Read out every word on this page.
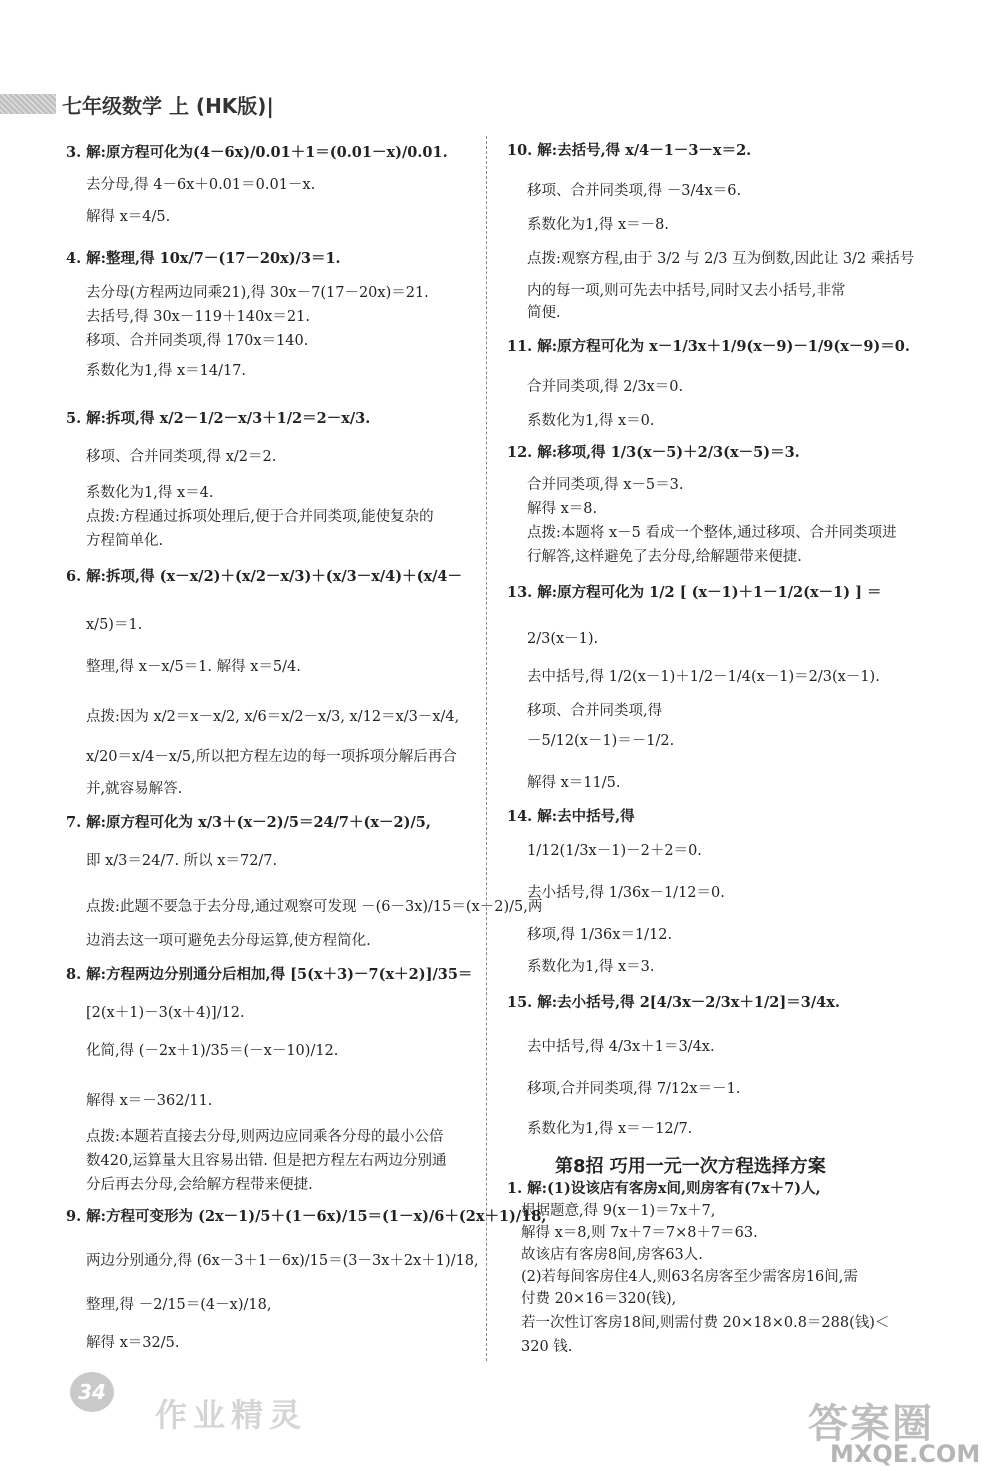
七年级数学 上 (HK版)|
3. 解:原方程可化为(4－6x)/0.01＋1＝(0.01－x)/0.01.
去分母,得 4－6x＋0.01＝0.01－x.
解得 x＝4/5.
4. 解:整理,得 10x/7－(17－20x)/3＝1.
去分母(方程两边同乘21),得 30x－7(17－20x)＝21.
去括号,得 30x－119＋140x＝21.
移项、合并同类项,得 170x＝140.
系数化为1,得 x＝14/17.
5. 解:拆项,得 x/2－1/2－x/3＋1/2＝2－x/3.
移项、合并同类项,得 x/2＝2.
系数化为1,得 x＝4.
点拨:方程通过拆项处理后,便于合并同类项,能使复杂的
方程简单化.
6. 解:拆项,得 (x－x/2)＋(x/2－x/3)＋(x/3－x/4)＋(x/4－
x/5)＝1.
整理,得 x－x/5＝1. 解得 x＝5/4.
点拨:因为 x/2＝x－x/2, x/6＝x/2－x/3, x/12＝x/3－x/4,
x/20＝x/4－x/5,所以把方程左边的每一项拆项分解后再合
并,就容易解答.
7. 解:原方程可化为 x/3＋(x－2)/5＝24/7＋(x－2)/5,
即 x/3＝24/7. 所以 x＝72/7.
点拨:此题不要急于去分母,通过观察可发现 －(6－3x)/15＝(x－2)/5,两
边消去这一项可避免去分母运算,使方程简化.
8. 解:方程两边分别通分后相加,得 [5(x＋3)－7(x＋2)]/35＝
[2(x＋1)－3(x＋4)]/12.
化简,得 (－2x＋1)/35＝(－x－10)/12.
解得 x＝－362/11.
点拨:本题若直接去分母,则两边应同乘各分母的最小公倍
数420,运算量大且容易出错. 但是把方程左右两边分别通
分后再去分母,会给解方程带来便捷.
9. 解:方程可变形为 (2x－1)/5＋(1－6x)/15＝(1－x)/6＋(2x＋1)/18,
两边分别通分,得 (6x－3＋1－6x)/15＝(3－3x＋2x＋1)/18,
整理,得 －2/15＝(4－x)/18,
解得 x＝32/5.
10. 解:去括号,得 x/4－1－3－x＝2.
移项、合并同类项,得 －3/4x＝6.
系数化为1,得 x＝－8.
点拨:观察方程,由于 3/2 与 2/3 互为倒数,因此让 3/2 乘括号
内的每一项,则可先去中括号,同时又去小括号,非常
简便.
11. 解:原方程可化为 x－1/3x＋1/9(x－9)－1/9(x－9)＝0.
合并同类项,得 2/3x＝0.
系数化为1,得 x＝0.
12. 解:移项,得 1/3(x－5)＋2/3(x－5)＝3.
合并同类项,得 x－5＝3.
解得 x＝8.
点拨:本题将 x－5 看成一个整体,通过移项、合并同类项进
行解答,这样避免了去分母,给解题带来便捷.
13. 解:原方程可化为 1/2 [ (x－1)＋1－1/2(x－1) ] ＝
2/3(x－1).
去中括号,得 1/2(x－1)＋1/2－1/4(x－1)＝2/3(x－1).
移项、合并同类项,得
－5/12(x－1)＝－1/2.
解得 x＝11/5.
14. 解:去中括号,得
1/12(1/3x－1)－2＋2＝0.
去小括号,得 1/36x－1/12＝0.
移项,得 1/36x＝1/12.
系数化为1,得 x＝3.
15. 解:去小括号,得 2[4/3x－2/3x＋1/2]＝3/4x.
去中括号,得 4/3x＋1＝3/4x.
移项,合并同类项,得 7/12x＝－1.
系数化为1,得 x＝－12/7.
第8招 巧用一元一次方程选择方案
1. 解:(1)设该店有客房x间,则房客有(7x＋7)人,
根据题意,得 9(x－1)＝7x＋7,
解得 x＝8,则 7x＋7＝7×8＋7＝63.
故该店有客房8间,房客63人.
(2)若每间客房住4人,则63名房客至少需客房16间,需
付费 20×16＝320(钱),
若一次性订客房18间,则需付费 20×18×0.8＝288(钱)＜
320 钱.
34
作业精灵	答案圈
MXQE.COM
